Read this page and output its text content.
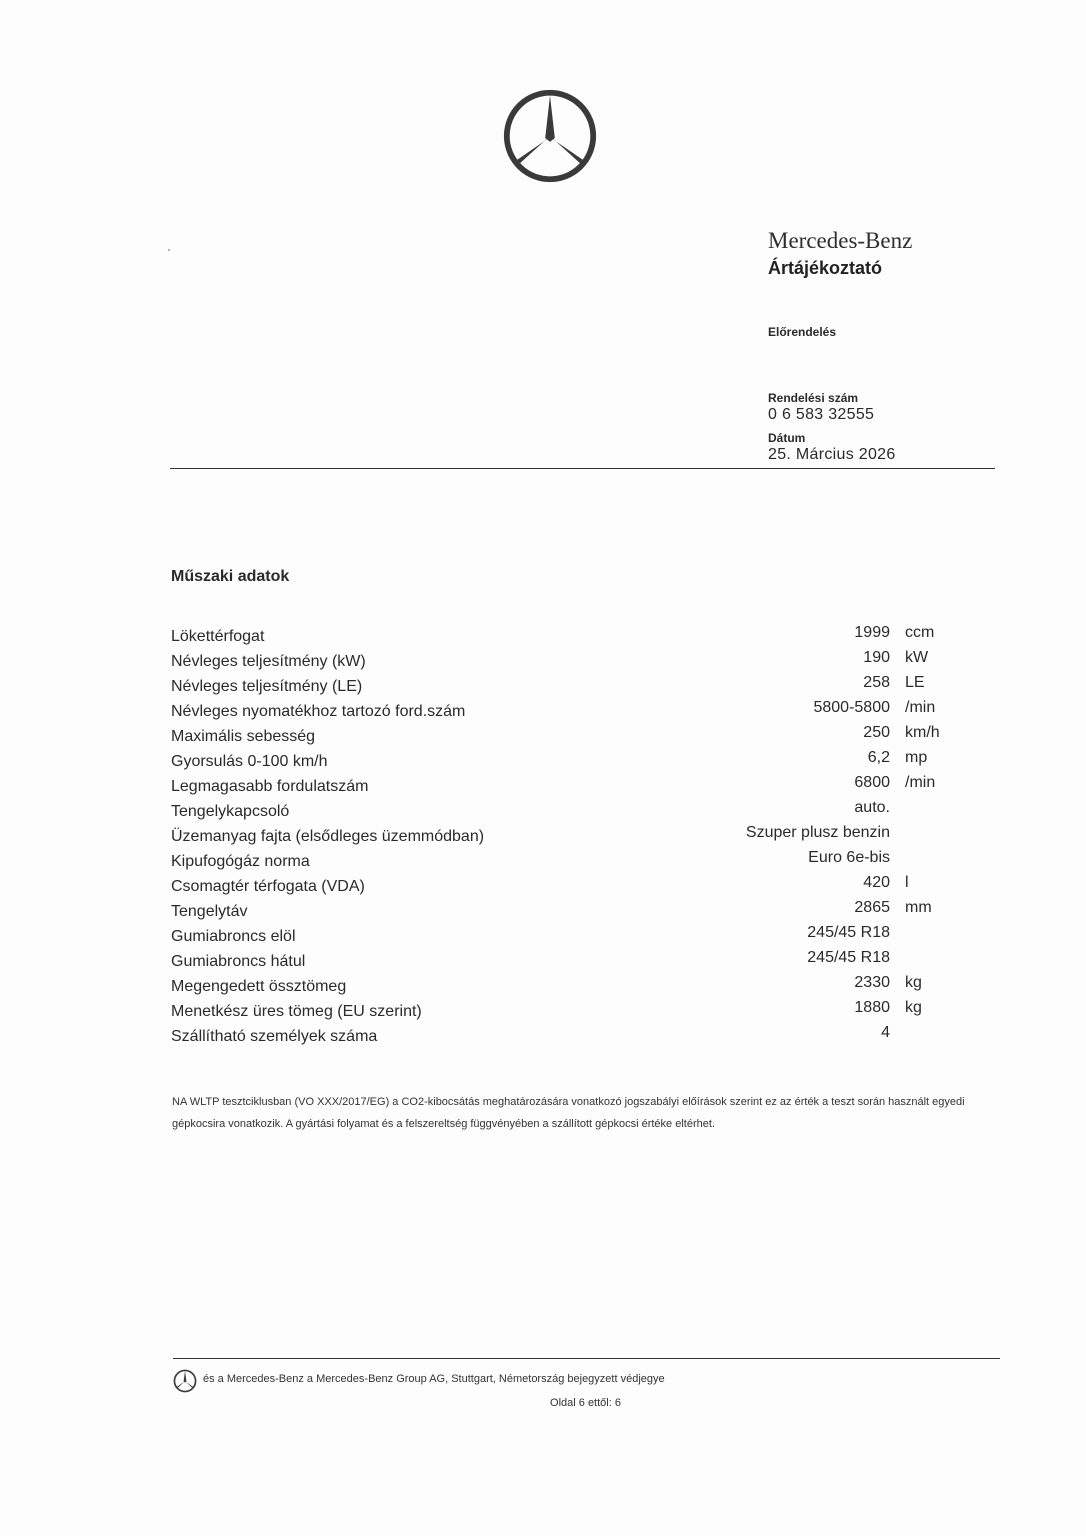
Mercedes-Benz
Ártájékoztató
Előrendelés
Rendelési szám
0 6 583 32555
Dátum
25. Március 2026
Műszaki adatok
Lökettérfogat	1999 ccm
Névleges teljesítmény (kW)	190 kW
Névleges teljesítmény (LE)	258 LE
Névleges nyomatékhoz tartozó ford.szám	5800-5800 /min
Maximális sebesség	250 km/h
Gyorsulás 0-100 km/h	6,2 mp
Legmagasabb fordulatszám	6800 /min
Tengelykapcsoló	auto.
Üzemanyag fajta (elsődleges üzemmódban)	Szuper plusz benzin
Kipufogógáz norma	Euro 6e-bis
Csomagtér térfogata (VDA)	420 l
Tengelytáv	2865 mm
Gumiabroncs elöl	245/45 R18
Gumiabroncs hátul	245/45 R18
Megengedett össztömeg	2330 kg
Menetkész üres tömeg (EU szerint)	1880 kg
Szállítható személyek száma	4
NA WLTP tesztciklusban (VO XXX/2017/EG) a CO2-kibocsátás meghatározására vonatkozó jogszabályi előírások szerint ez az érték a teszt során használt egyedi gépkocsira vonatkozik. A gyártási folyamat és a felszereltség függvényében a szállított gépkocsi értéke eltérhet.
és a Mercedes-Benz a Mercedes-Benz Group AG, Stuttgart, Németország bejegyzett védjegye
Oldal 6 ettől: 6
